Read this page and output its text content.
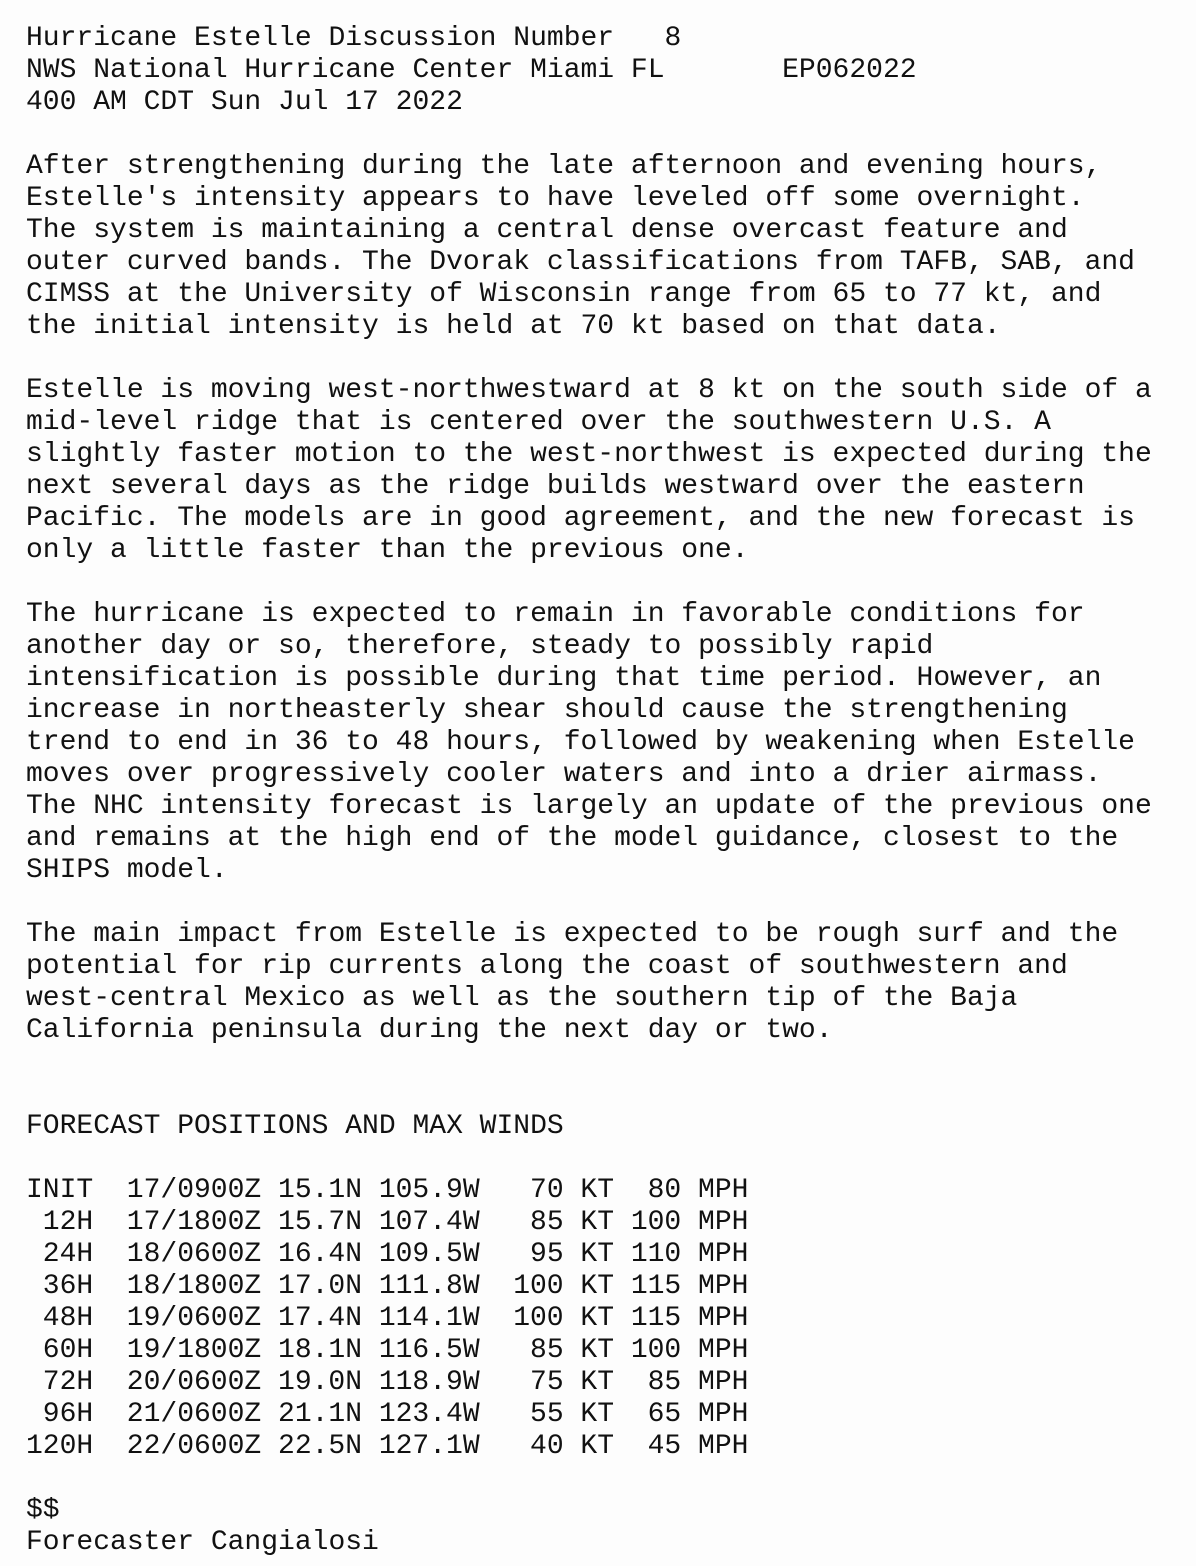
Hurricane Estelle Discussion Number   8
NWS National Hurricane Center Miami FL       EP062022
400 AM CDT Sun Jul 17 2022
After strengthening during the late afternoon and evening hours,
Estelle's intensity appears to have leveled off some overnight.
The system is maintaining a central dense overcast feature and
outer curved bands. The Dvorak classifications from TAFB, SAB, and
CIMSS at the University of Wisconsin range from 65 to 77 kt, and
the initial intensity is held at 70 kt based on that data.
Estelle is moving west-northwestward at 8 kt on the south side of a
mid-level ridge that is centered over the southwestern U.S. A
slightly faster motion to the west-northwest is expected during the
next several days as the ridge builds westward over the eastern
Pacific. The models are in good agreement, and the new forecast is
only a little faster than the previous one.
The hurricane is expected to remain in favorable conditions for
another day or so, therefore, steady to possibly rapid
intensification is possible during that time period. However, an
increase in northeasterly shear should cause the strengthening
trend to end in 36 to 48 hours, followed by weakening when Estelle
moves over progressively cooler waters and into a drier airmass.
The NHC intensity forecast is largely an update of the previous one
and remains at the high end of the model guidance, closest to the
SHIPS model.
The main impact from Estelle is expected to be rough surf and the
potential for rip currents along the coast of southwestern and
west-central Mexico as well as the southern tip of the Baja
California peninsula during the next day or two.
FORECAST POSITIONS AND MAX WINDS
INIT 17/0900Z 15.1N 105.9W 70 KT 80 MPH
12H 17/1800Z 15.7N 107.4W 85 KT 100 MPH
24H 18/0600Z 16.4N 109.5W 95 KT 110 MPH
36H 18/1800Z 17.0N 111.8W 100 KT 115 MPH
48H 19/0600Z 17.4N 114.1W 100 KT 115 MPH
60H 19/1800Z 18.1N 116.5W 85 KT 100 MPH
72H 20/0600Z 19.0N 118.9W 75 KT 85 MPH
96H 21/0600Z 21.1N 123.4W 55 KT 65 MPH
120H 22/0600Z 22.5N 127.1W 40 KT 45 MPH
$$
Forecaster Cangialosi
